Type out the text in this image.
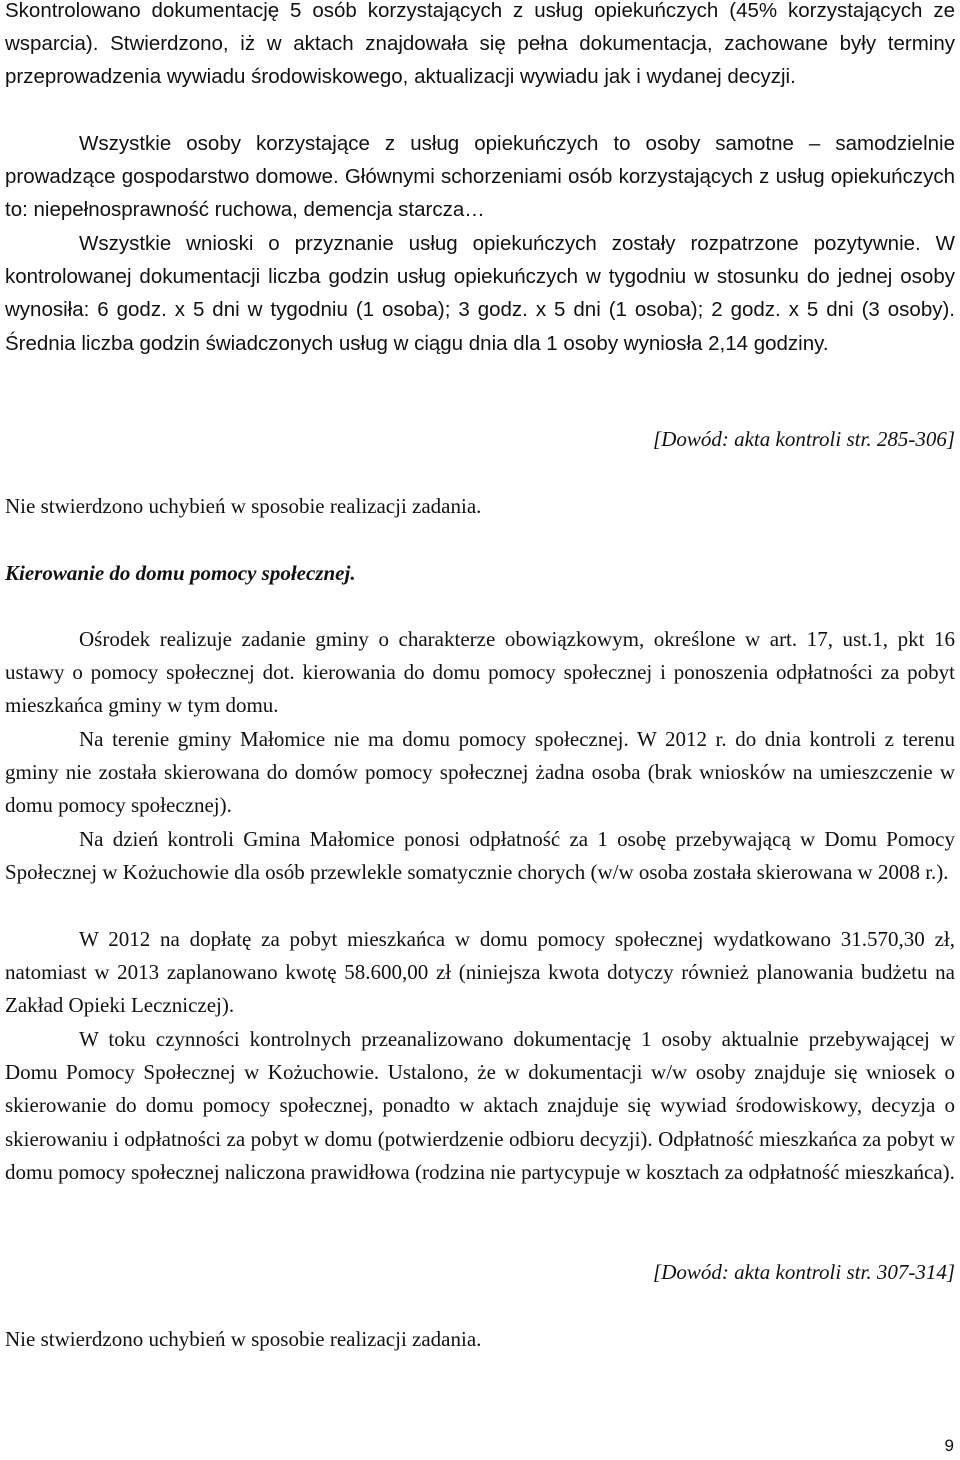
Skontrolowano dokumentację 5 osób korzystających z usług opiekuńczych (45% korzystających ze wsparcia). Stwierdzono, iż w aktach znajdowała się pełna dokumentacja, zachowane były terminy przeprowadzenia wywiadu środowiskowego, aktualizacji wywiadu jak i wydanej decyzji.

Wszystkie osoby korzystające z usług opiekuńczych to osoby samotne – samodzielnie prowadzące gospodarstwo domowe. Głównymi schorzeniami osób korzystających z usług opiekuńczych to: niepełnosprawność ruchowa, demencja starcza…

Wszystkie wnioski o przyznanie usług opiekuńczych zostały rozpatrzone pozytywnie. W kontrolowanej dokumentacji liczba godzin usług opiekuńczych w tygodniu w stosunku do jednej osoby wynosiła: 6 godz. x 5 dni w tygodniu (1 osoba); 3 godz. x 5 dni (1 osoba); 2 godz. x 5 dni (3 osoby). Średnia liczba godzin świadczonych usług w ciągu dnia dla 1 osoby wyniosła 2,14 godziny.

[Dowód: akta kontroli str. 285-306]

Nie stwierdzono uchybień w sposobie realizacji zadania.

Kierowanie do domu pomocy społecznej.

Ośrodek realizuje zadanie gminy o charakterze obowiązkowym, określone w art. 17, ust.1, pkt 16 ustawy o pomocy społecznej dot. kierowania do domu pomocy społecznej i ponoszenia odpłatności za pobyt mieszkańca gminy w tym domu.

Na terenie gminy Małomice nie ma domu pomocy społecznej. W 2012 r. do dnia kontroli z terenu gminy nie została skierowana do domów pomocy społecznej żadna osoba (brak wniosków na umieszczenie w domu pomocy społecznej).

Na dzień kontroli Gmina Małomice ponosi odpłatność za 1 osobę przebywającą w Domu Pomocy Społecznej w Kożuchowie dla osób przewlekle somatycznie chorych (w/w osoba została skierowana w 2008 r.).

W 2012 na dopłatę za pobyt mieszkańca w domu pomocy społecznej wydatkowano 31.570,30 zł, natomiast w 2013 zaplanowano kwotę 58.600,00 zł (niniejsza kwota dotyczy również planowania budżetu na Zakład Opieki Leczniczej).

W toku czynności kontrolnych przeanalizowano dokumentację 1 osoby aktualnie przebywającej w Domu Pomocy Społecznej w Kożuchowie. Ustalono, że w dokumentacji w/w osoby znajduje się wniosek o skierowanie do domu pomocy społecznej, ponadto w aktach znajduje się wywiad środowiskowy, decyzja o skierowaniu i odpłatności za pobyt w domu (potwierdzenie odbioru decyzji). Odpłatność mieszkańca za pobyt w domu pomocy społecznej naliczona prawidłowa (rodzina nie partycypuje w kosztach za odpłatność mieszkańca).

[Dowód: akta kontroli str. 307-314]

Nie stwierdzono uchybień w sposobie realizacji zadania.

9
